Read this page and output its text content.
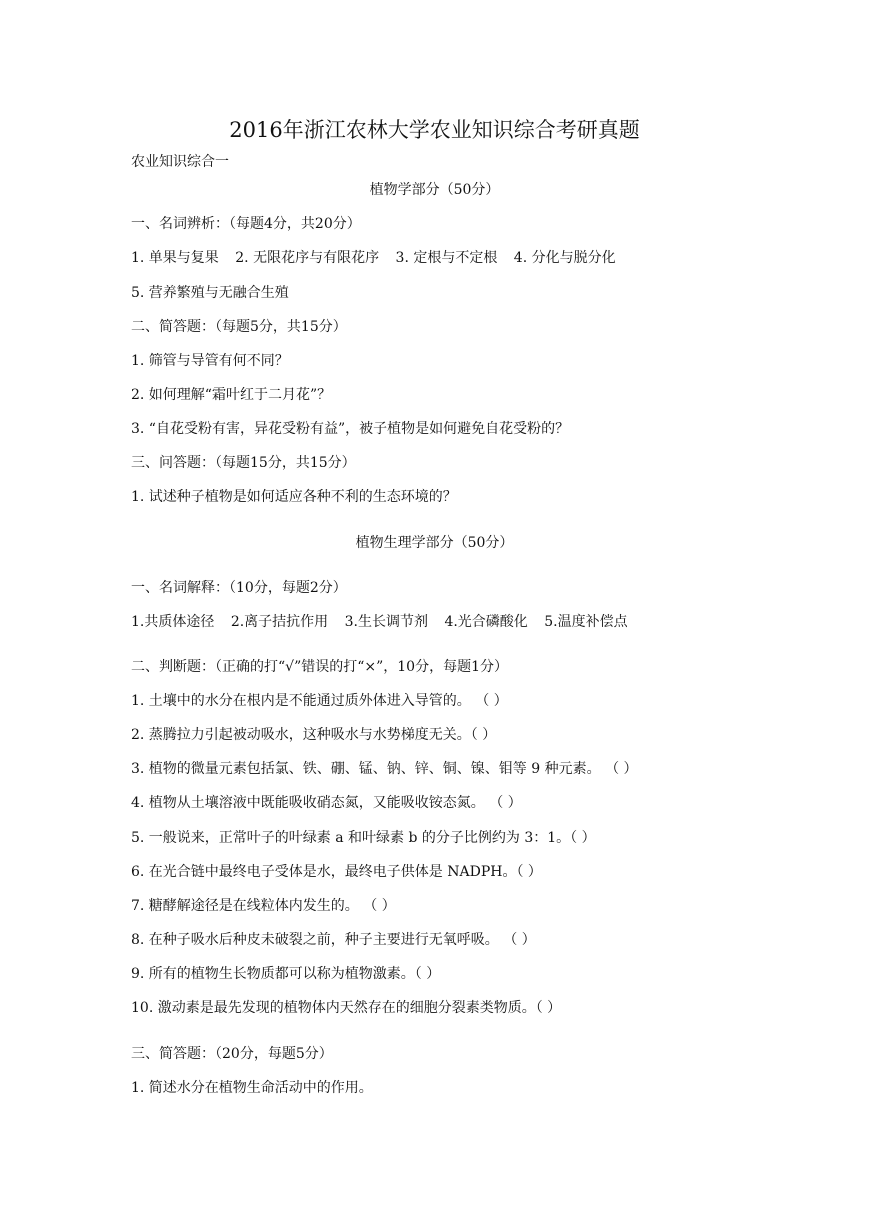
2016年浙江农林大学农业知识综合考研真题
农业知识综合一
植物学部分（50分）
一、名词辨析：（每题4分，共20分）
1. 单果与复果 2. 无限花序与有限花序 3. 定根与不定根 4. 分化与脱分化
5. 营养繁殖与无融合生殖
二、简答题：（每题5分，共15分）
1. 筛管与导管有何不同？
2. 如何理解“霜叶红于二月花”？
3. “自花受粉有害，异花受粉有益”，被子植物是如何避免自花受粉的？
三、问答题：（每题15分，共15分）
1. 试述种子植物是如何适应各种不利的生态环境的？
植物生理学部分（50分）
一、名词解释：（10分，每题2分）
1.共质体途径 2.离子拮抗作用 3.生长调节剂 4.光合磷酸化 5.温度补偿点
二、判断题：（正确的打“√”错误的打“×”，10分，每题1分）
1. 土壤中的水分在根内是不能通过质外体进入导管的。 （ ）
2. 蒸腾拉力引起被动吸水，这种吸水与水势梯度无关。（ ）
3. 植物的微量元素包括氯、铁、硼、锰、钠、锌、铜、镍、钼等 9 种元素。 （ ）
4. 植物从土壤溶液中既能吸收硝态氮，又能吸收铵态氮。 （ ）
5. 一般说来，正常叶子的叶绿素 a 和叶绿素 b 的分子比例约为 3：1。（ ）
6. 在光合链中最终电子受体是水，最终电子供体是 NADPH。（ ）
7. 糖酵解途径是在线粒体内发生的。 （ ）
8. 在种子吸水后种皮未破裂之前，种子主要进行无氧呼吸。 （ ）
9. 所有的植物生长物质都可以称为植物激素。（ ）
10. 激动素是最先发现的植物体内天然存在的细胞分裂素类物质。（ ）
三、简答题：（20分，每题5分）
1. 简述水分在植物生命活动中的作用。
